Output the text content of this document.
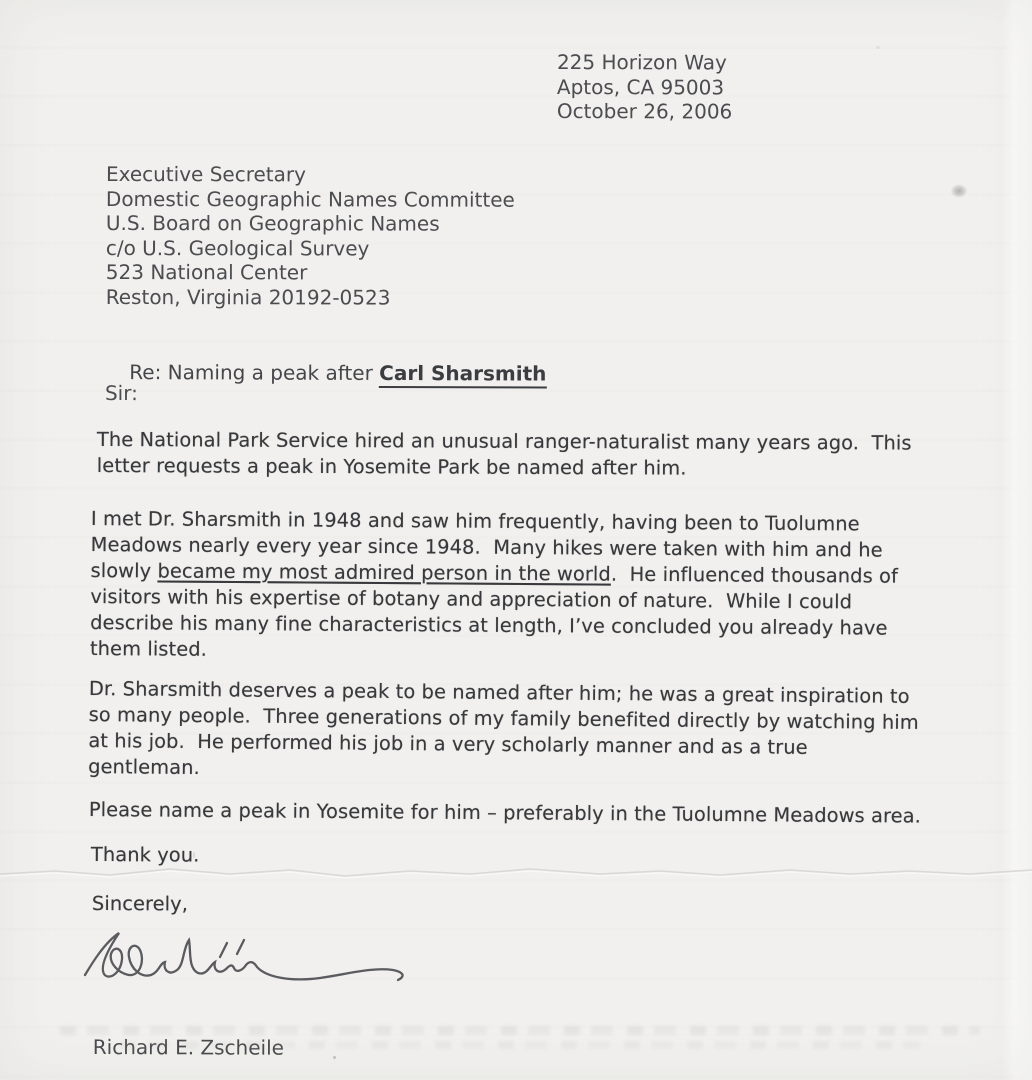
225 Horizon Way
Aptos, CA 95003
October 26, 2006
Executive Secretary
Domestic Geographic Names Committee
U.S. Board on Geographic Names
c/o U.S. Geological Survey
523 National Center
Reston, Virginia 20192-0523

Re: Naming a peak after Carl Sharsmith

Sir:
The National Park Service hired an unusual ranger-naturalist many years ago.  This
letter requests a peak in Yosemite Park be named after him.
I met Dr. Sharsmith in 1948 and saw him frequently, having been to Tuolumne
Meadows nearly every year since 1948.  Many hikes were taken with him and he
slowly became my most admired person in the world.  He influenced thousands of
visitors with his expertise of botany and appreciation of nature.  While I could
describe his many fine characteristics at length, I’ve concluded you already have
them listed.
Dr. Sharsmith deserves a peak to be named after him; he was a great inspiration to
so many people.  Three generations of my family benefited directly by watching him
at his job.  He performed his job in a very scholarly manner and as a true
gentleman.
Please name a peak in Yosemite for him – preferably in the Tuolumne Meadows area.
Thank you.
Sincerely,

Richard E. Zscheile
